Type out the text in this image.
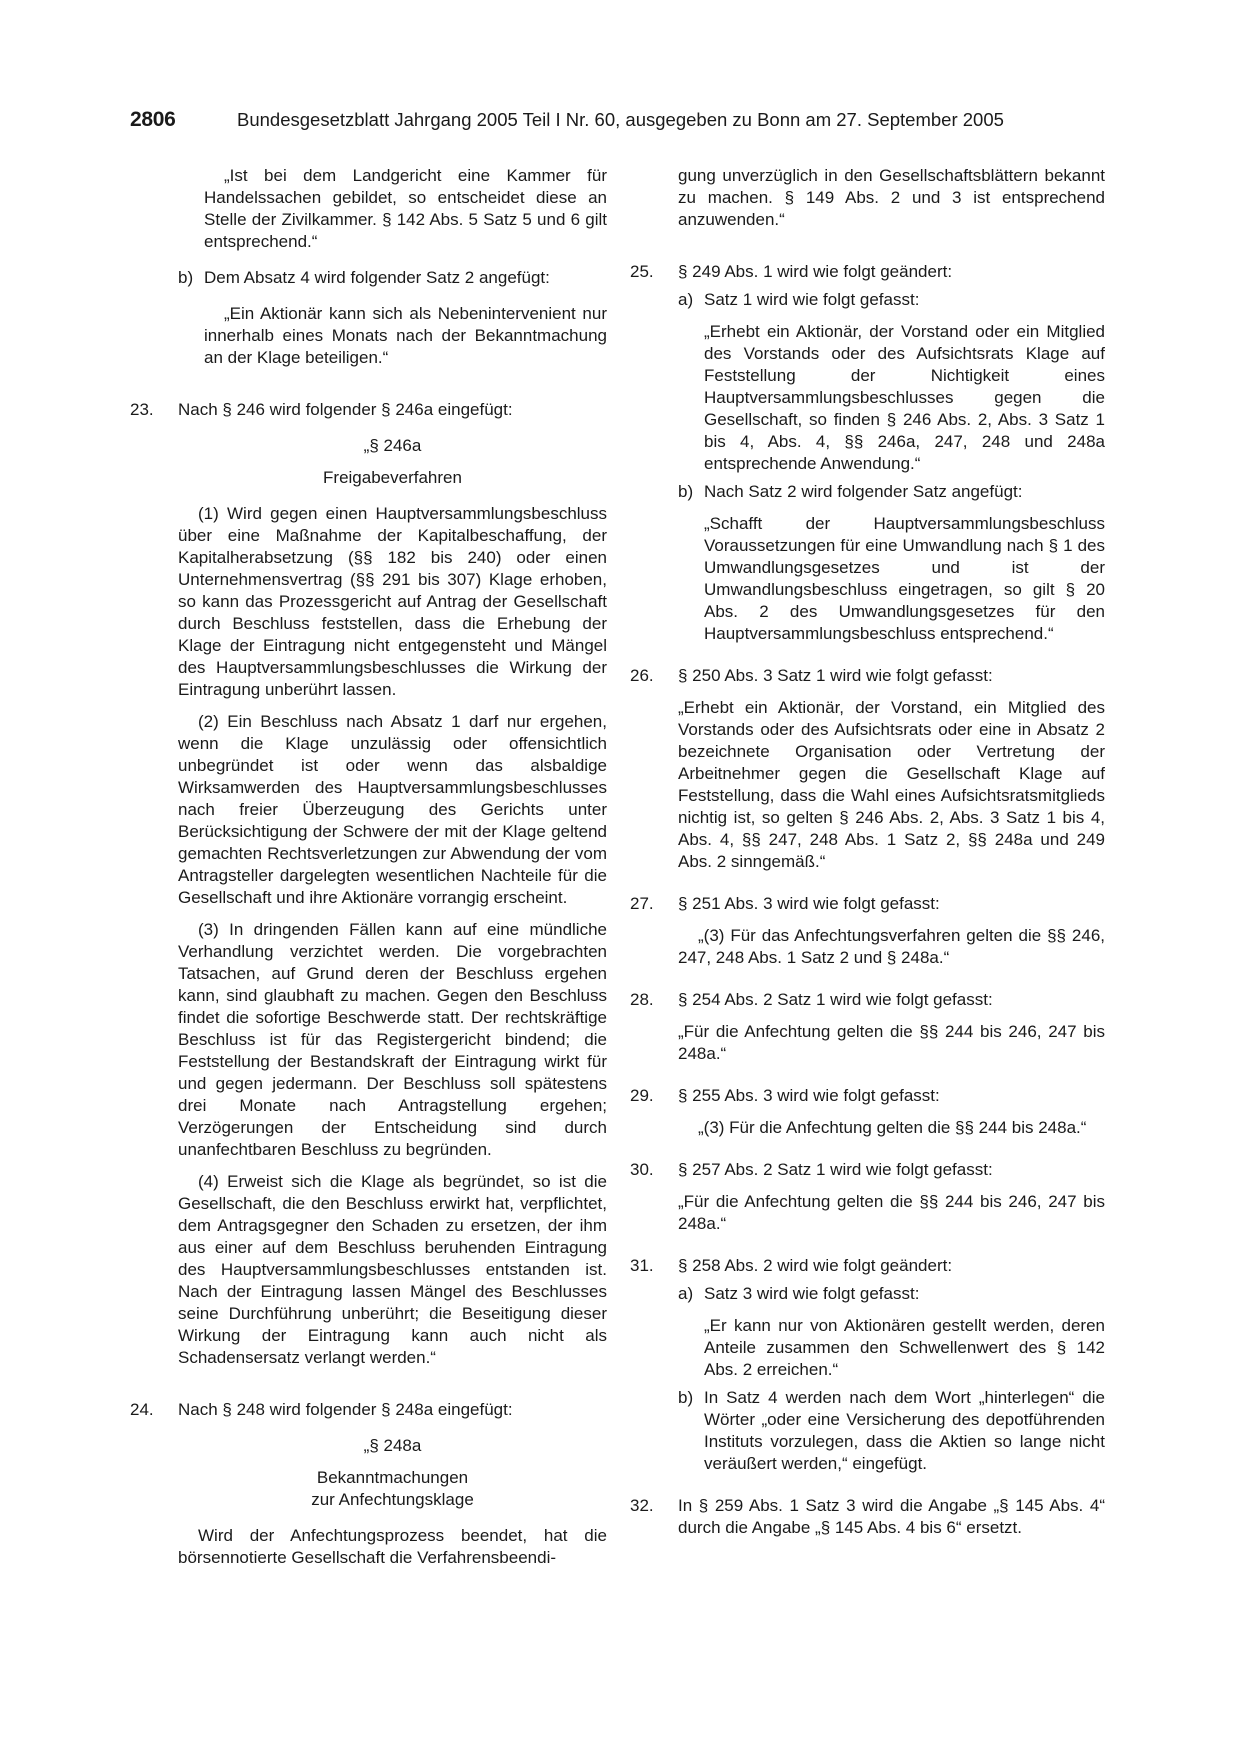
2806	Bundesgesetzblatt Jahrgang 2005 Teil I Nr. 60, ausgegeben zu Bonn am 27. September 2005

„Ist bei dem Landgericht eine Kammer für Handelssachen gebildet, so entscheidet diese an Stelle der Zivilkammer. § 142 Abs. 5 Satz 5 und 6 gilt entsprechend.“

b) Dem Absatz 4 wird folgender Satz 2 angefügt:

„Ein Aktionär kann sich als Nebenintervenient nur innerhalb eines Monats nach der Bekanntmachung an der Klage beteiligen.“

23. Nach § 246 wird folgender § 246a eingefügt:

„§ 246a

Freigabeverfahren

(1) Wird gegen einen Hauptversammlungsbeschluss über eine Maßnahme der Kapitalbeschaffung, der Kapitalherabsetzung (§§ 182 bis 240) oder einen Unternehmensvertrag (§§ 291 bis 307) Klage erhoben, so kann das Prozessgericht auf Antrag der Gesellschaft durch Beschluss feststellen, dass die Erhebung der Klage der Eintragung nicht entgegensteht und Mängel des Hauptversammlungsbeschlusses die Wirkung der Eintragung unberührt lassen.

(2) Ein Beschluss nach Absatz 1 darf nur ergehen, wenn die Klage unzulässig oder offensichtlich unbegründet ist oder wenn das alsbaldige Wirksamwerden des Hauptversammlungsbeschlusses nach freier Überzeugung des Gerichts unter Berücksichtigung der Schwere der mit der Klage geltend gemachten Rechtsverletzungen zur Abwendung der vom Antragsteller dargelegten wesentlichen Nachteile für die Gesellschaft und ihre Aktionäre vorrangig erscheint.

(3) In dringenden Fällen kann auf eine mündliche Verhandlung verzichtet werden. Die vorgebrachten Tatsachen, auf Grund deren der Beschluss ergehen kann, sind glaubhaft zu machen. Gegen den Beschluss findet die sofortige Beschwerde statt. Der rechtskräftige Beschluss ist für das Registergericht bindend; die Feststellung der Bestandskraft der Eintragung wirkt für und gegen jedermann. Der Beschluss soll spätestens drei Monate nach Antragstellung ergehen; Verzögerungen der Entscheidung sind durch unanfechtbaren Beschluss zu begründen.

(4) Erweist sich die Klage als begründet, so ist die Gesellschaft, die den Beschluss erwirkt hat, verpflichtet, dem Antragsgegner den Schaden zu ersetzen, der ihm aus einer auf dem Beschluss beruhenden Eintragung des Hauptversammlungsbeschlusses entstanden ist. Nach der Eintragung lassen Mängel des Beschlusses seine Durchführung unberührt; die Beseitigung dieser Wirkung der Eintragung kann auch nicht als Schadensersatz verlangt werden.“

24. Nach § 248 wird folgender § 248a eingefügt:

„§ 248a

Bekanntmachungen

zur Anfechtungsklage

Wird der Anfechtungsprozess beendet, hat die börsennotierte Gesellschaft die Verfahrensbeendi-

gung unverzüglich in den Gesellschaftsblättern bekannt zu machen. § 149 Abs. 2 und 3 ist entsprechend anzuwenden.“

25. § 249 Abs. 1 wird wie folgt geändert:

a) Satz 1 wird wie folgt gefasst:

„Erhebt ein Aktionär, der Vorstand oder ein Mitglied des Vorstands oder des Aufsichtsrats Klage auf Feststellung der Nichtigkeit eines Hauptversammlungsbeschlusses gegen die Gesellschaft, so finden § 246 Abs. 2, Abs. 3 Satz 1 bis 4, Abs. 4, §§ 246a, 247, 248 und 248a entsprechende Anwendung.“

b) Nach Satz 2 wird folgender Satz angefügt:

„Schafft der Hauptversammlungsbeschluss Voraussetzungen für eine Umwandlung nach § 1 des Umwandlungsgesetzes und ist der Umwandlungsbeschluss eingetragen, so gilt § 20 Abs. 2 des Umwandlungsgesetzes für den Hauptversammlungsbeschluss entsprechend.“

26. § 250 Abs. 3 Satz 1 wird wie folgt gefasst:

„Erhebt ein Aktionär, der Vorstand, ein Mitglied des Vorstands oder des Aufsichtsrats oder eine in Absatz 2 bezeichnete Organisation oder Vertretung der Arbeitnehmer gegen die Gesellschaft Klage auf Feststellung, dass die Wahl eines Aufsichtsratsmitglieds nichtig ist, so gelten § 246 Abs. 2, Abs. 3 Satz 1 bis 4, Abs. 4, §§ 247, 248 Abs. 1 Satz 2, §§ 248a und 249 Abs. 2 sinngemäß.“

27. § 251 Abs. 3 wird wie folgt gefasst:

„(3) Für das Anfechtungsverfahren gelten die §§ 246, 247, 248 Abs. 1 Satz 2 und § 248a.“

28. § 254 Abs. 2 Satz 1 wird wie folgt gefasst:

„Für die Anfechtung gelten die §§ 244 bis 246, 247 bis 248a.“

29. § 255 Abs. 3 wird wie folgt gefasst:

„(3) Für die Anfechtung gelten die §§ 244 bis 248a.“

30. § 257 Abs. 2 Satz 1 wird wie folgt gefasst:

„Für die Anfechtung gelten die §§ 244 bis 246, 247 bis 248a.“

31. § 258 Abs. 2 wird wie folgt geändert:

a) Satz 3 wird wie folgt gefasst:

„Er kann nur von Aktionären gestellt werden, deren Anteile zusammen den Schwellenwert des § 142 Abs. 2 erreichen.“

b) In Satz 4 werden nach dem Wort „hinterlegen“ die Wörter „oder eine Versicherung des depotführenden Instituts vorzulegen, dass die Aktien so lange nicht veräußert werden,“ eingefügt.

32. In § 259 Abs. 1 Satz 3 wird die Angabe „§ 145 Abs. 4“ durch die Angabe „§ 145 Abs. 4 bis 6“ ersetzt.
